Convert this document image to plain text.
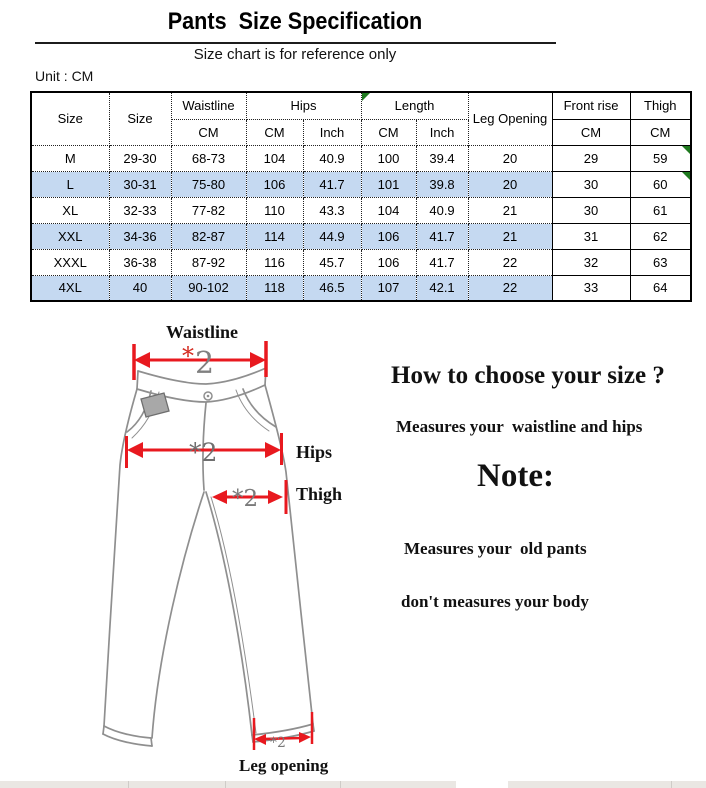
Pants  Size Specification
Size chart is for reference only
Unit : CM
Size	Size	Waistline	Hips		Length		Leg Opening	Front rise	Thigh
		CM	CM	Inch	CM	Inch		CM	CM
M	29-30	68-73	104	40.9	100	39.4	20	29	59
L	30-31	75-80	106	41.7	101	39.8	20	30	60
XL	32-33	77-82	110	43.3	104	40.9	21	30	61
XXL	34-36	82-87	114	44.9	106	41.7	21	31	62
XXXL	36-38	87-92	116	45.7	106	41.7	22	32	63
4XL	40	90-102	118	46.5	107	42.1	22	33	64
* 2
*2
*2
*2
Waistline
Hips
Thigh
Leg opening
How to choose your size ?
Measures your  waistline and hips
Note:
Measures your  old pants
don't measures your body
